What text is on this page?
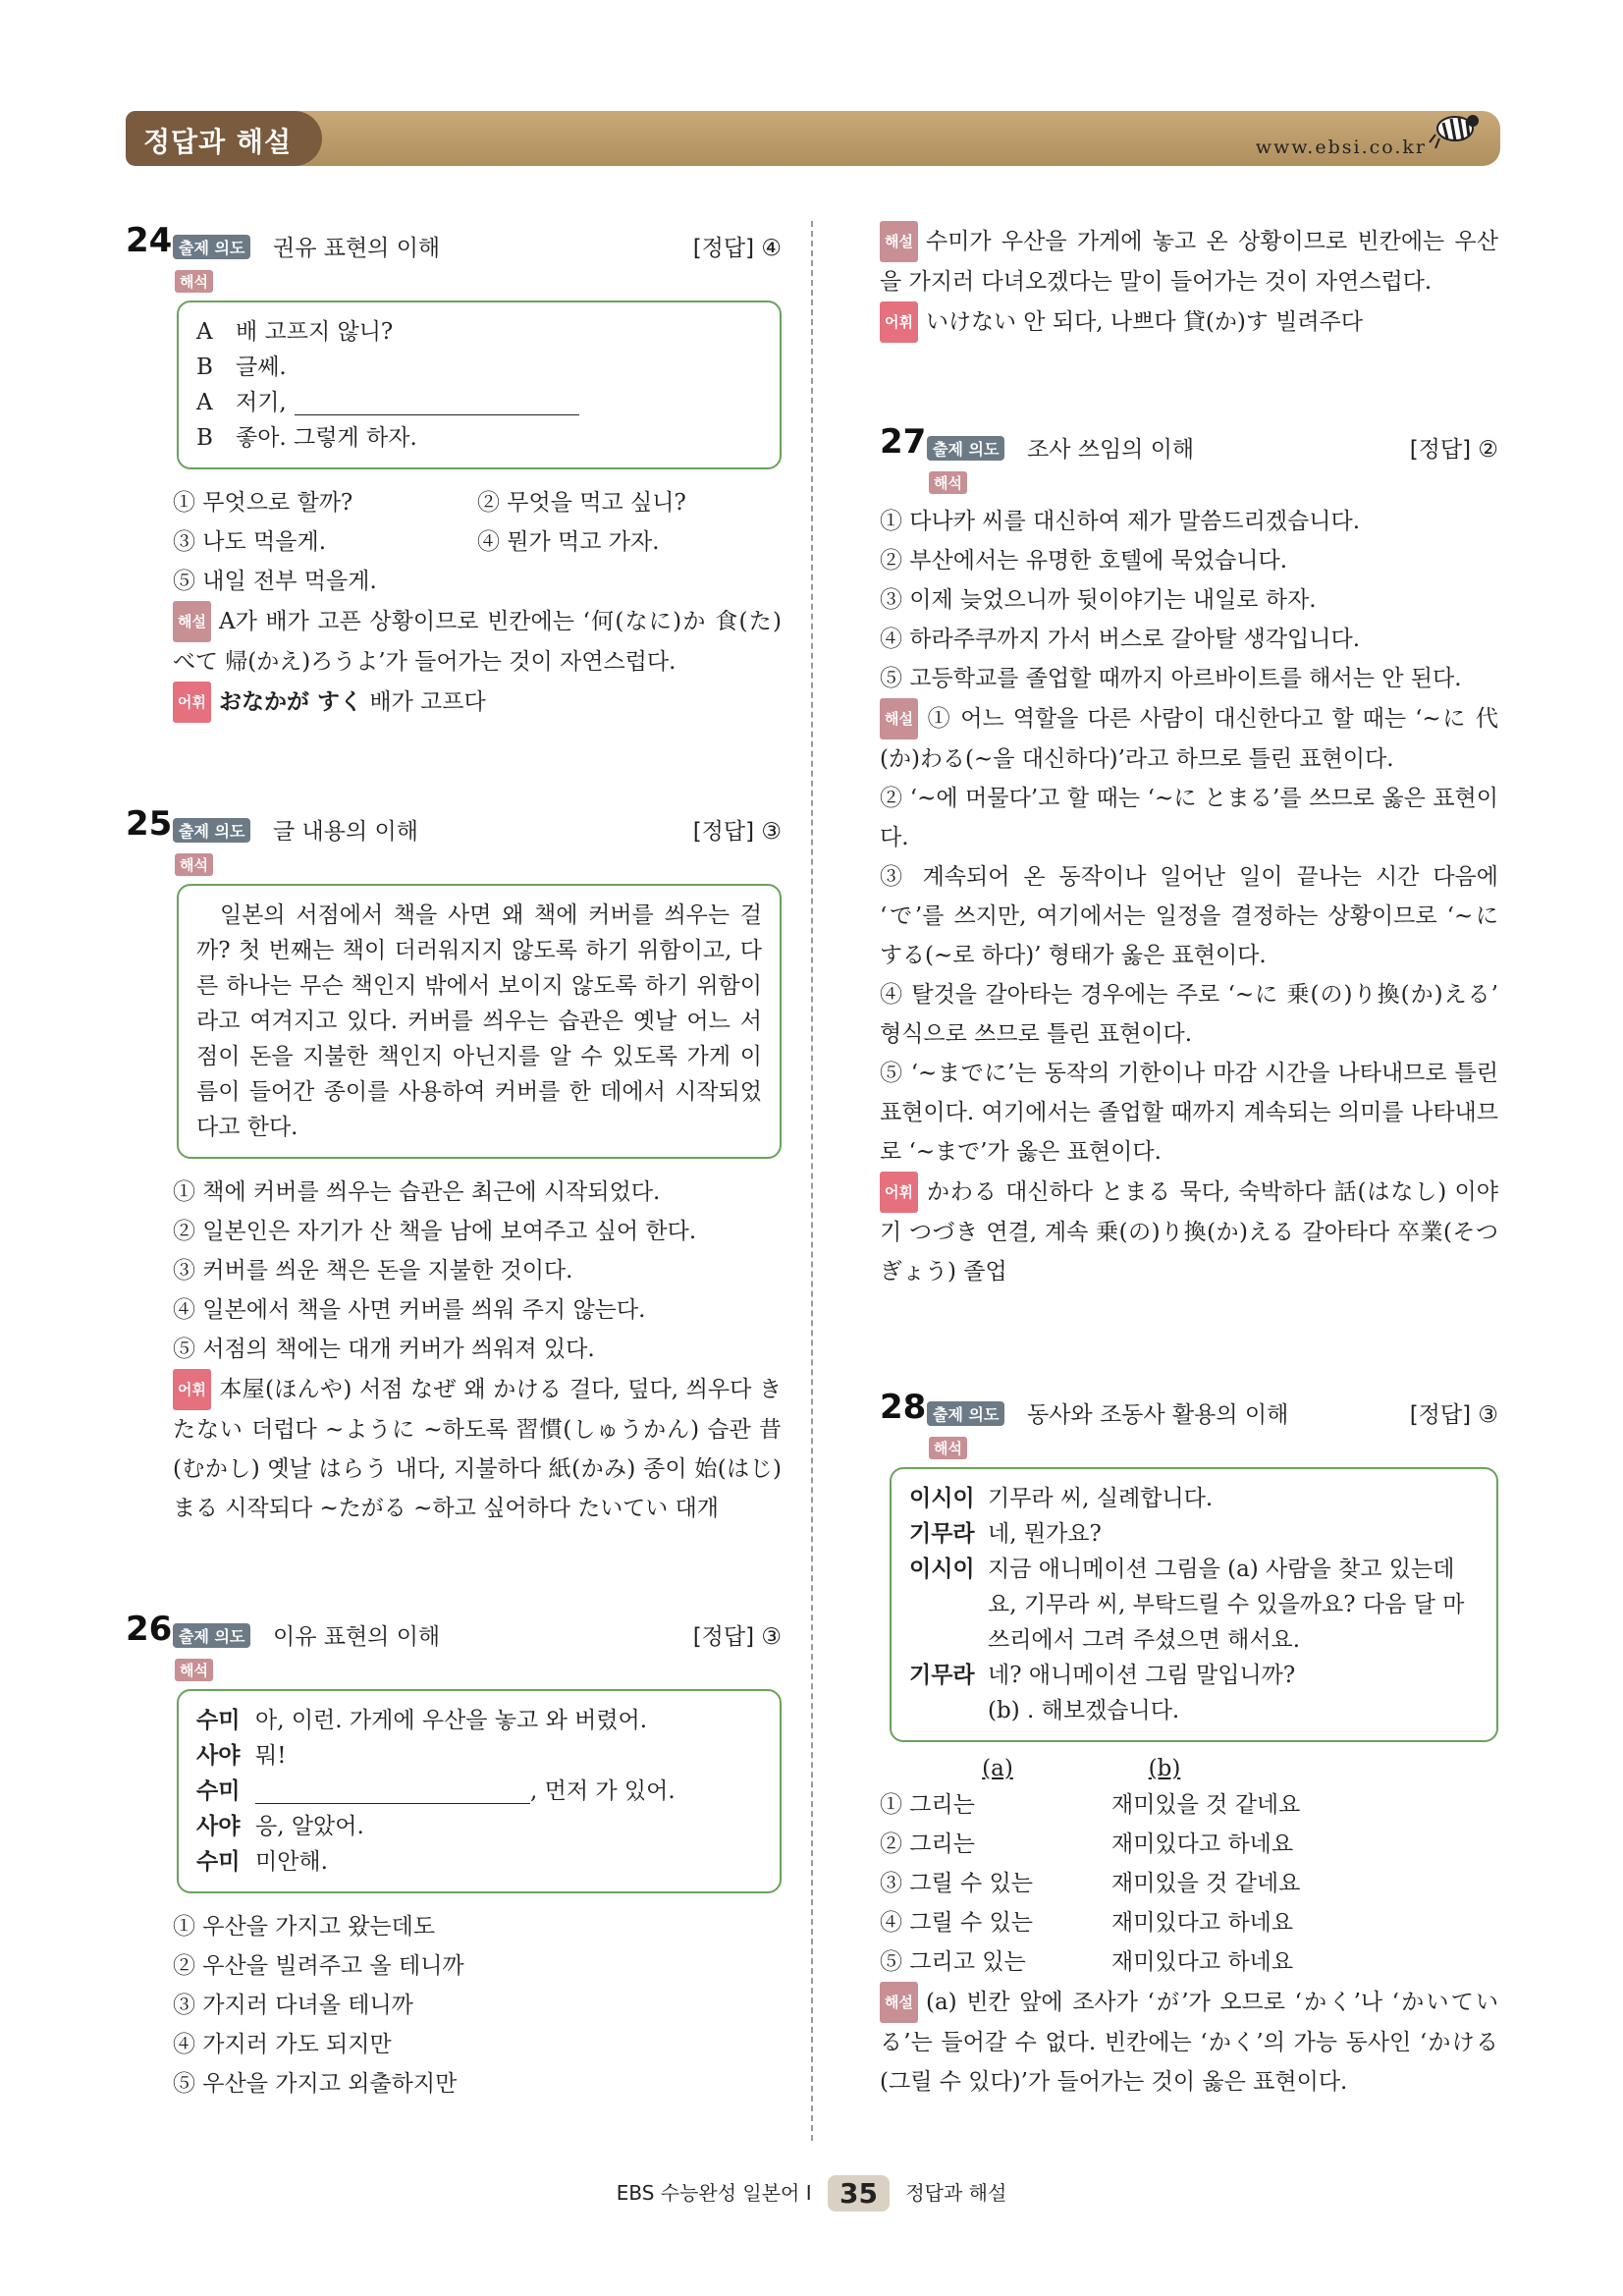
정답과 해설	www.ebsi.co.kr
24 출제 의도 권유 표현의 이해	[정답] ④
해석
A	배 고프지 않니?
B	글쎄.
A	저기,
B	좋아. 그렇게 하자.
① 무엇으로 할까?	② 무엇을 먹고 싶니?
③ 나도 먹을게.	④ 뭔가 먹고 가자.
⑤ 내일 전부 먹을게.
해설 A가 배가 고픈 상황이므로 빈칸에는 ‘何(なに)か 食(た)べて 帰(かえ)ろうよ’가 들어가는 것이 자연스럽다.
어휘 おなかが すく 배가 고프다
25 출제 의도 글 내용의 이해	[정답] ③
해석
일본의 서점에서 책을 사면 왜 책에 커버를 씌우는 걸까? 첫 번째는 책이 더러워지지 않도록 하기 위함이고, 다른 하나는 무슨 책인지 밖에서 보이지 않도록 하기 위함이라고 여겨지고 있다. 커버를 씌우는 습관은 옛날 어느 서점이 돈을 지불한 책인지 아닌지를 알 수 있도록 가게 이름이 들어간 종이를 사용하여 커버를 한 데에서 시작되었다고 한다.
① 책에 커버를 씌우는 습관은 최근에 시작되었다.
② 일본인은 자기가 산 책을 남에 보여주고 싶어 한다.
③ 커버를 씌운 책은 돈을 지불한 것이다.
④ 일본에서 책을 사면 커버를 씌워 주지 않는다.
⑤ 서점의 책에는 대개 커버가 씌워져 있다.
어휘 本屋(ほんや) 서점 なぜ 왜 かける 걸다, 덮다, 씌우다 きたない 더럽다 ~ように ~하도록 習慣(しゅうかん) 습관 昔(むかし) 옛날 はらう 내다, 지불하다 紙(かみ) 종이 始(はじ)まる 시작되다 ~たがる ~하고 싶어하다 たいてい 대개
26 출제 의도 이유 표현의 이해	[정답] ③
해석
수미 아, 이런. 가게에 우산을 놓고 와 버렸어.
사야 뭐!
수미	, 먼저 가 있어.
사야 응, 알았어.
수미 미안해.
① 우산을 가지고 왔는데도
② 우산을 빌려주고 올 테니까
③ 가지러 다녀올 테니까
④ 가지러 가도 되지만
⑤ 우산을 가지고 외출하지만
해설 수미가 우산을 가게에 놓고 온 상황이므로 빈칸에는 우산을 가지러 다녀오겠다는 말이 들어가는 것이 자연스럽다.
어휘 いけない 안 되다, 나쁘다 貸(か)す 빌려주다
27 출제 의도 조사 쓰임의 이해	[정답] ②
해석
① 다나카 씨를 대신하여 제가 말씀드리겠습니다.
② 부산에서는 유명한 호텔에 묵었습니다.
③ 이제 늦었으니까 뒷이야기는 내일로 하자.
④ 하라주쿠까지 가서 버스로 갈아탈 생각입니다.
⑤ 고등학교를 졸업할 때까지 아르바이트를 해서는 안 된다.
해설 ① 어느 역할을 다른 사람이 대신한다고 할 때는 ‘~に 代(か)わる(~을 대신하다)’라고 하므로 틀린 표현이다.
② ‘~에 머물다’고 할 때는 ‘~に とまる’를 쓰므로 옳은 표현이다.
③ 계속되어 온 동작이나 일어난 일이 끝나는 시간 다음에 ‘で’를 쓰지만, 여기에서는 일정을 결정하는 상황이므로 ‘~に する(~로 하다)’ 형태가 옳은 표현이다.
④ 탈것을 갈아타는 경우에는 주로 ‘~に 乗(の)り換(か)える’ 형식으로 쓰므로 틀린 표현이다.
⑤ ‘~までに’는 동작의 기한이나 마감 시간을 나타내므로 틀린 표현이다. 여기에서는 졸업할 때까지 계속되는 의미를 나타내므로 ‘~まで’가 옳은 표현이다.
어휘 かわる 대신하다 とまる 묵다, 숙박하다 話(はなし) 이야기 つづき 연결, 계속 乗(の)り換(か)える 갈아타다 卒業(そつぎょう) 졸업
28 출제 의도 동사와 조동사 활용의 이해	[정답] ③
해석
이시이 기무라 씨, 실례합니다.
기무라 네, 뭔가요?
이시이 지금 애니메이션 그림을 (a) 사람을 찾고 있는데요, 기무라 씨, 부탁드릴 수 있을까요? 다음 달 마쓰리에서 그려 주셨으면 해서요.
기무라 네? 애니메이션 그림 말입니까?
(b) . 해보겠습니다.
(a)	(b)
① 그리는	재미있을 것 같네요
② 그리는	재미있다고 하네요
③ 그릴 수 있는	재미있을 것 같네요
④ 그릴 수 있는	재미있다고 하네요
⑤ 그리고 있는	재미있다고 하네요
해설 (a) 빈칸 앞에 조사가 ‘が’가 오므로 ‘かく’나 ‘かいている’는 들어갈 수 없다. 빈칸에는 ‘かく’의 가능 동사인 ‘かける(그릴 수 있다)’가 들어가는 것이 옳은 표현이다.
EBS 수능완성 일본어 I 35 정답과 해설
